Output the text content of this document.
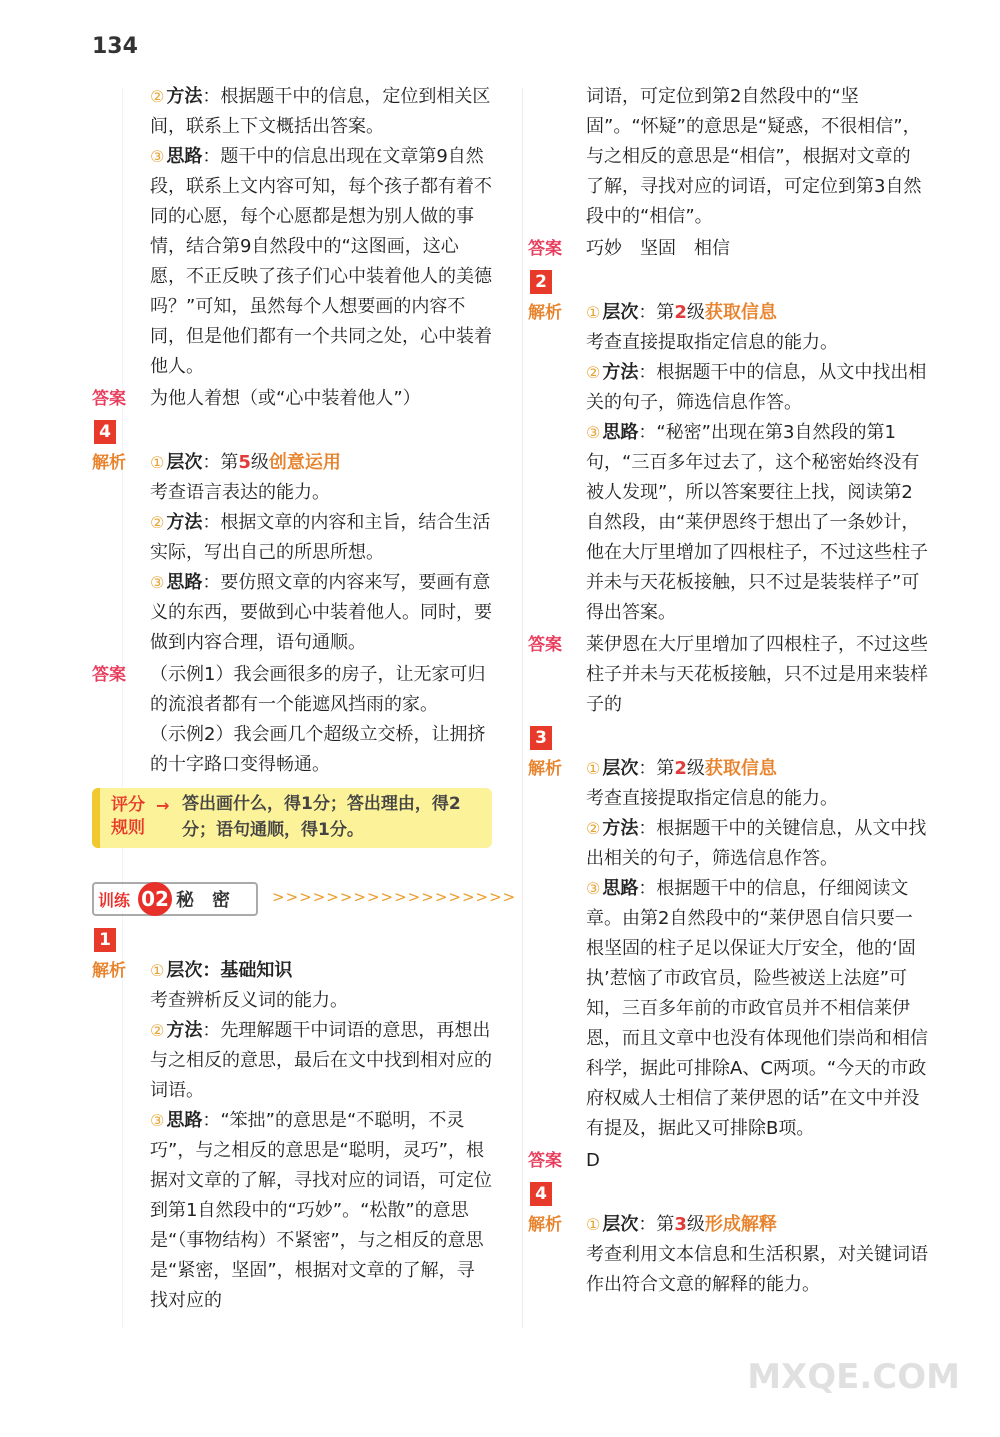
134
② 方法：根据题干中的信息，定位到相关区间，联系上下文概括出答案。
③ 思路：题干中的信息出现在文章第9自然段，联系上文内容可知，每个孩子都有着不同的心愿，每个心愿都是想为别人做的事情，结合第9自然段中的“这图画，这心愿，不正反映了孩子们心中装着他人的美德吗？”可知，虽然每个人想要画的内容不同，但是他们都有一个共同之处，心中装着他人。
答案 为他人着想（或“心中装着他人”）
4
解析 ① 层次：第5级创意运用
考查语言表达的能力。
② 方法：根据文章的内容和主旨，结合生活实际，写出自己的所思所想。
③ 思路：要仿照文章的内容来写，要画有意义的东西，要做到心中装着他人。同时，要做到内容合理，语句通顺。
答案 （示例1）我会画很多的房子，让无家可归的流浪者都有一个能遮风挡雨的家。
（示例2）我会画几个超级立交桥，让拥挤的十字路口变得畅通。
评分规则
→ 答出画什么，得1分；答出理由，得2分；语句通顺，得1分。
训练 02 秘密 >>>>>>>>>>>>>>>>>>
1
解析 ① 层次：基础知识
考查辨析反义词的能力。
② 方法：先理解题干中词语的意思，再想出与之相反的意思，最后在文中找到相对应的词语。
③ 思路：“笨拙”的意思是“不聪明，不灵巧”，与之相反的意思是“聪明，灵巧”，根据对文章的了解，寻找对应的词语，可定位到第1自然段中的“巧妙”。“松散”的意思是“（事物结构）不紧密”，与之相反的意思是“紧密，坚固”，根据对文章的了解，寻找对应的
词语，可定位到第2自然段中的“坚固”。“怀疑”的意思是“疑惑，不很相信”，与之相反的意思是“相信”，根据对文章的了解，寻找对应的词语，可定位到第3自然段中的“相信”。
答案 巧妙　坚固　相信
2
解析 ① 层次：第2级获取信息
考查直接提取指定信息的能力。
② 方法：根据题干中的信息，从文中找出相关的句子，筛选信息作答。
③ 思路：“秘密”出现在第3自然段的第1句，“三百多年过去了，这个秘密始终没有被人发现”，所以答案要往上找，阅读第2自然段，由“莱伊恩终于想出了一条妙计，他在大厅里增加了四根柱子，不过这些柱子并未与天花板接触，只不过是装装样子”可得出答案。
答案 莱伊恩在大厅里增加了四根柱子，不过这些柱子并未与天花板接触，只不过是用来装样子的
3
解析 ① 层次：第2级获取信息
考查直接提取指定信息的能力。
② 方法：根据题干中的关键信息，从文中找出相关的句子，筛选信息作答。
③ 思路：根据题干中的信息，仔细阅读文章。由第2自然段中的“莱伊恩自信只要一根坚固的柱子足以保证大厅安全，他的‘固执’惹恼了市政官员，险些被送上法庭”可知，三百多年前的市政官员并不相信莱伊恩，而且文章中也没有体现他们崇尚和相信科学，据此可排除A、C两项。“今天的市政府权威人士相信了莱伊恩的话”在文中并没有提及，据此又可排除B项。
答案 D
4
解析 ① 层次：第3级形成解释
考查利用文本信息和生活积累，对关键词语作出符合文意的解释的能力。
MXQE.COM
